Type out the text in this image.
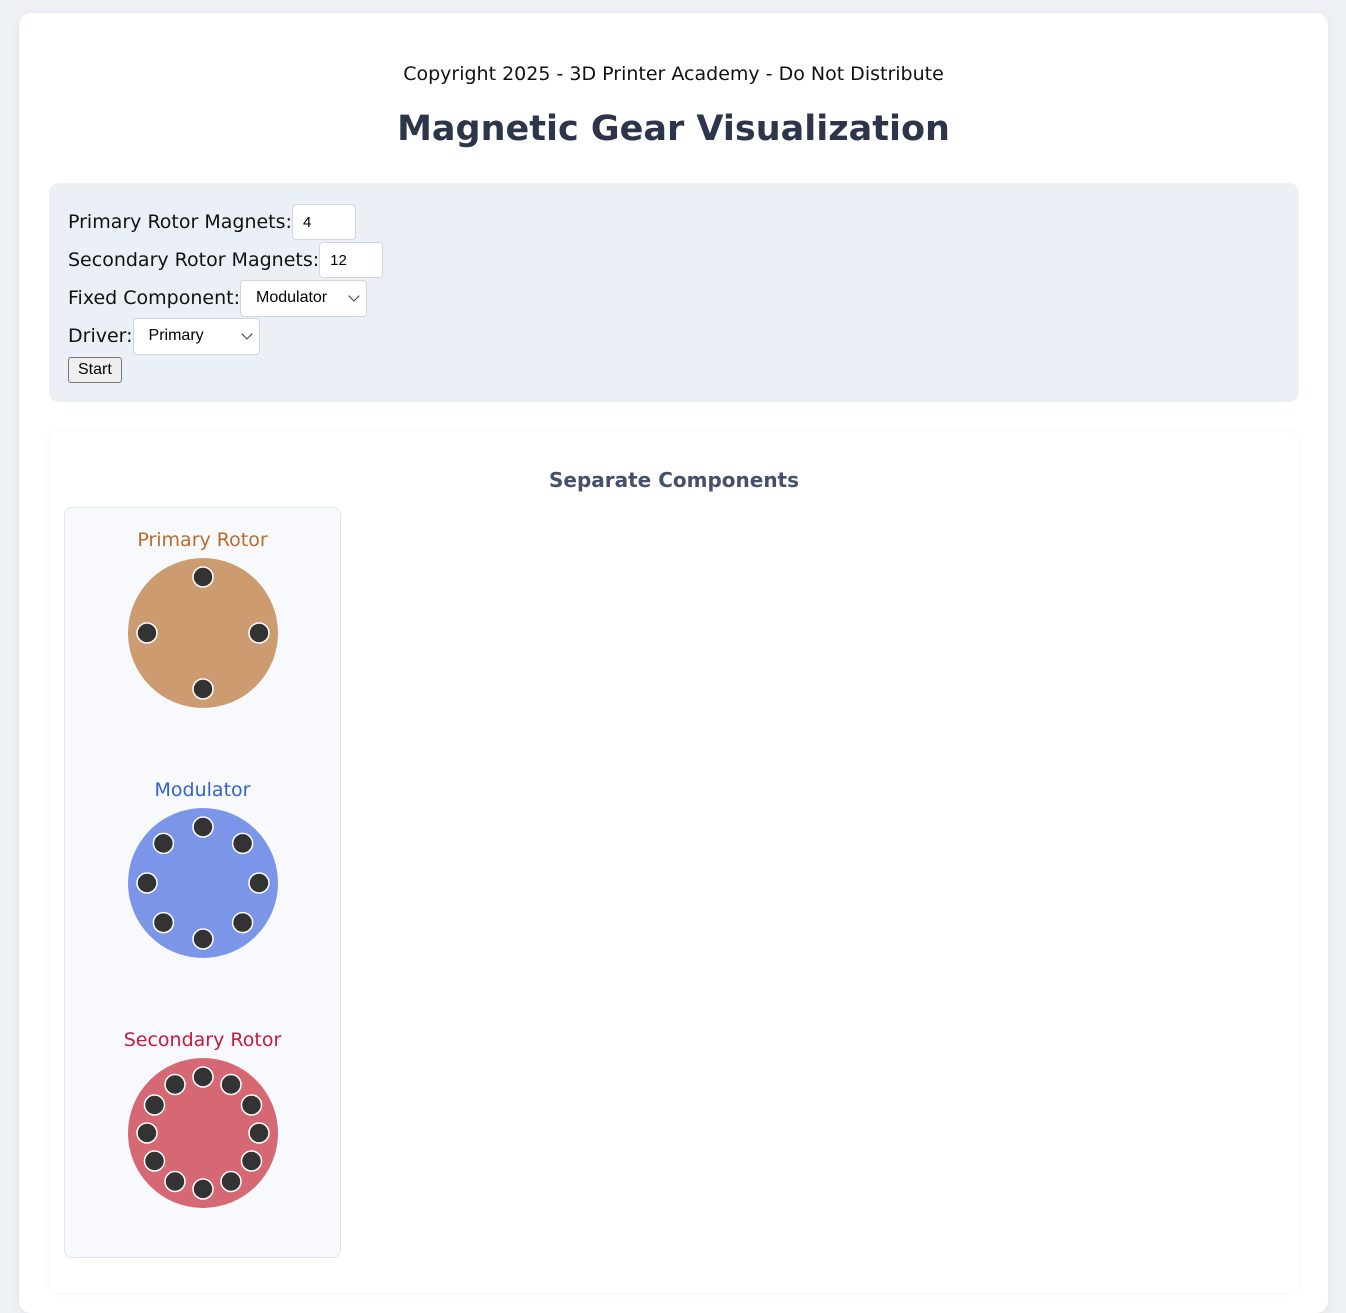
Copyright 2025 - 3D Printer Academy - Do Not Distribute
Magnetic Gear Visualization
Primary Rotor Magnets:
4
Secondary Rotor Magnets:
12
Fixed Component: Modulator
Driver: Primary
Start
Separate Components
Primary Rotor
Modulator
Secondary Rotor
